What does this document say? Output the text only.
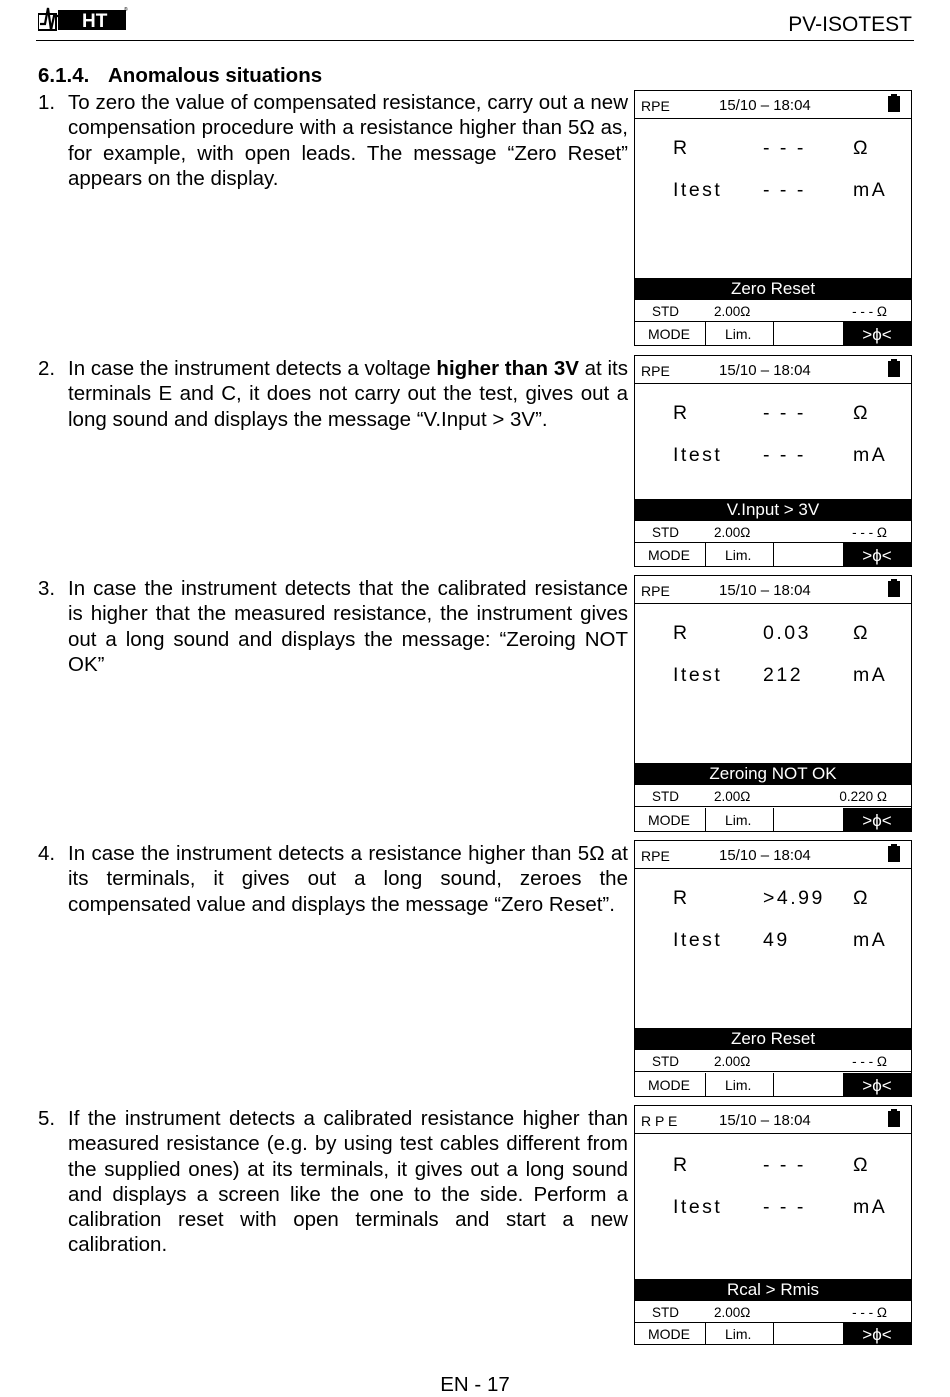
HT
®
PV-ISOTEST
6.1.4. Anomalous situations
1. To zero the value of compensated resistance, carry out a new compensation procedure with a resistance higher than 5Ω as, for example, with open leads. The message “Zero Reset” appears on the display.
2. In case the instrument detects a voltage higher than 3V at its terminals E and C, it does not carry out the test, gives out a long sound and displays the message “V.Input > 3V”.
3. In case the instrument detects that the calibrated resistance is higher that the measured resistance, the instrument gives out a long sound and displays the message: “Zeroing NOT OK”
4. In case the instrument detects a resistance higher than 5Ω at its terminals, it gives out a long sound, zeroes the compensated value and displays the message “Zero Reset”.
5. If the instrument detects a calibrated resistance higher than measured resistance (e.g. by using test cables different from the supplied ones) at its terminals, it gives out a long sound and displays a screen like the one to the side. Perform a calibration reset with open terminals and start a new calibration.
RPE	15/10 – 18:04
R	- - - Ω
Itest - - - mA
Zero Reset
STD	2.00Ω	- - - Ω
MODE	Lim.	>ϕ<
RPE	15/10 – 18:04
R	- - - Ω
Itest - - - mA
V.Input > 3V
STD	2.00Ω	- - - Ω
MODE	Lim.	>ϕ<
RPE	15/10 – 18:04
R	0.03 Ω
Itest 212	mA
Zeroing NOT OK
STD	2.00Ω	0.220 Ω
MODE	Lim.	>ϕ<
RPE	15/10 – 18:04
R	>4.99 Ω
Itest 49	mA
Zero Reset
STD	2.00Ω	- - - Ω
MODE	Lim.	>ϕ<
R P E	15/10 – 18:04
R	- - - Ω
Itest - - - mA
Rcal > Rmis
STD	2.00Ω	- - - Ω
MODE	Lim.	>ϕ<
EN - 17
